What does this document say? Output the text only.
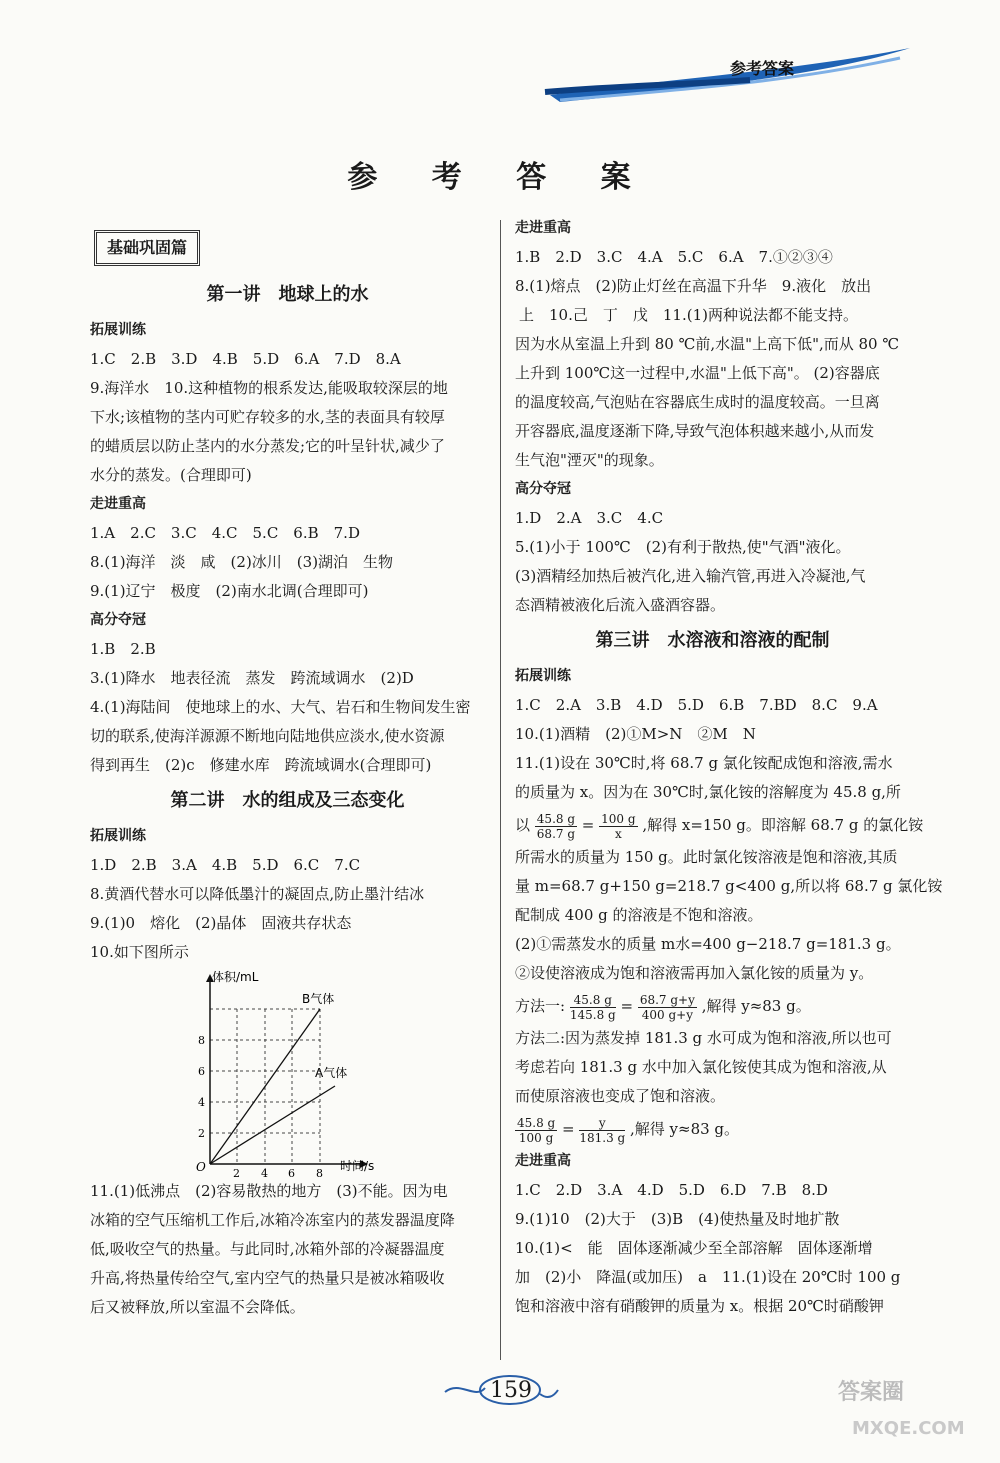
参考答案
参 考 答 案
基础巩固篇
第一讲　地球上的水
拓展训练
1.C　2.B　3.D　4.B　5.D　6.A　7.D　8.A
9.海洋水　10.这种植物的根系发达,能吸取较深层的地
下水;该植物的茎内可贮存较多的水,茎的表面具有较厚
的蜡质层以防止茎内的水分蒸发;它的叶呈针状,减少了
水分的蒸发。(合理即可)
走进重高
1.A　2.C　3.C　4.C　5.C　6.B　7.D
8.(1)海洋　淡　咸　(2)冰川　(3)湖泊　生物
9.(1)辽宁　极度　(2)南水北调(合理即可)
高分夺冠
1.B　2.B
3.(1)降水　地表径流　蒸发　跨流域调水　(2)D
4.(1)海陆间　使地球上的水、大气、岩石和生物间发生密
切的联系,使海洋源源不断地向陆地供应淡水,使水资源
得到再生　(2)c　修建水库　跨流域调水(合理即可)
第二讲　水的组成及三态变化
拓展训练
1.D　2.B　3.A　4.B　5.D　6.C　7.C
8.黄酒代替水可以降低墨汁的凝固点,防止墨汁结冰
9.(1)0　熔化　(2)晶体　固液共存状态
10.如下图所示
体积/mL
时间/s
O 2 4 6 8
2
4
6
8
B气体
A气体
11.(1)低沸点　(2)容易散热的地方　(3)不能。因为电
冰箱的空气压缩机工作后,冰箱冷冻室内的蒸发器温度降
低,吸收空气的热量。与此同时,冰箱外部的冷凝器温度
升高,将热量传给空气,室内空气的热量只是被冰箱吸收
后又被释放,所以室温不会降低。
走进重高
1.B　2.D　3.C　4.A　5.C　6.A　7.①②③④
8.(1)熔点　(2)防止灯丝在高温下升华　9.液化　放出
上　10.己　丁　戊　11.(1)两种说法都不能支持。
因为水从室温上升到 80 ℃前,水温"上高下低",而从 80 ℃
上升到 100℃这一过程中,水温"上低下高"。 (2)容器底
的温度较高,气泡贴在容器底生成时的温度较高。一旦离
开容器底,温度逐渐下降,导致气泡体积越来越小,从而发
生气泡"湮灭"的现象。
高分夺冠
1.D　2.A　3.C　4.C
5.(1)小于 100℃　(2)有利于散热,使"气酒"液化。
(3)酒精经加热后被汽化,进入输汽管,再进入冷凝池,气
态酒精被液化后流入盛酒容器。
第三讲　水溶液和溶液的配制
拓展训练
1.C　2.A　3.B　4.D　5.D　6.B　7.BD　8.C　9.A
10.(1)酒精　(2)①M>N　②M　N
11.(1)设在 30℃时,将 68.7 g 氯化铵配成饱和溶液,需水
的质量为 x。因为在 30℃时,氯化铵的溶解度为 45.8 g,所
以 $\frac{45.8 g}{68.7 g} = \frac{100 g}{x}$ ,解得 x=150 g。即溶解 68.7 g 的氯化铵
所需水的质量为 150 g。此时氯化铵溶液是饱和溶液,其质
量 m=68.7 g+150 g=218.7 g<400 g,所以将 68.7 g 氯化铵
配制成 400 g 的溶液是不饱和溶液。
(2)①需蒸发水的质量 m水=400 g−218.7 g=181.3 g。
②设使溶液成为饱和溶液需再加入氯化铵的质量为 y。
方法一: $\frac{45.8 g}{145.8 g} = \frac{68.7 g+y}{400 g+y}$ ,解得 y≈83 g。
方法二:因为蒸发掉 181.3 g 水可成为饱和溶液,所以也可
考虑若向 181.3 g 水中加入氯化铵使其成为饱和溶液,从
而使原溶液也变成了饱和溶液。
$\frac{45.8 g}{100 g} = \frac{y}{181.3 g}$ ,解得 y≈83 g。
走进重高
1.C　2.D　3.A　4.D　5.D　6.D　7.B　8.D
9.(1)10　(2)大于　(3)B　(4)使热量及时地扩散
10.(1)<　能　固体逐渐减少至全部溶解　固体逐渐增
加　(2)小　降温(或加压)　a　11.(1)设在 20℃时 100 g
饱和溶液中溶有硝酸钾的质量为 x。根据 20℃时硝酸钾
159	答案圈
MXQE.COM
